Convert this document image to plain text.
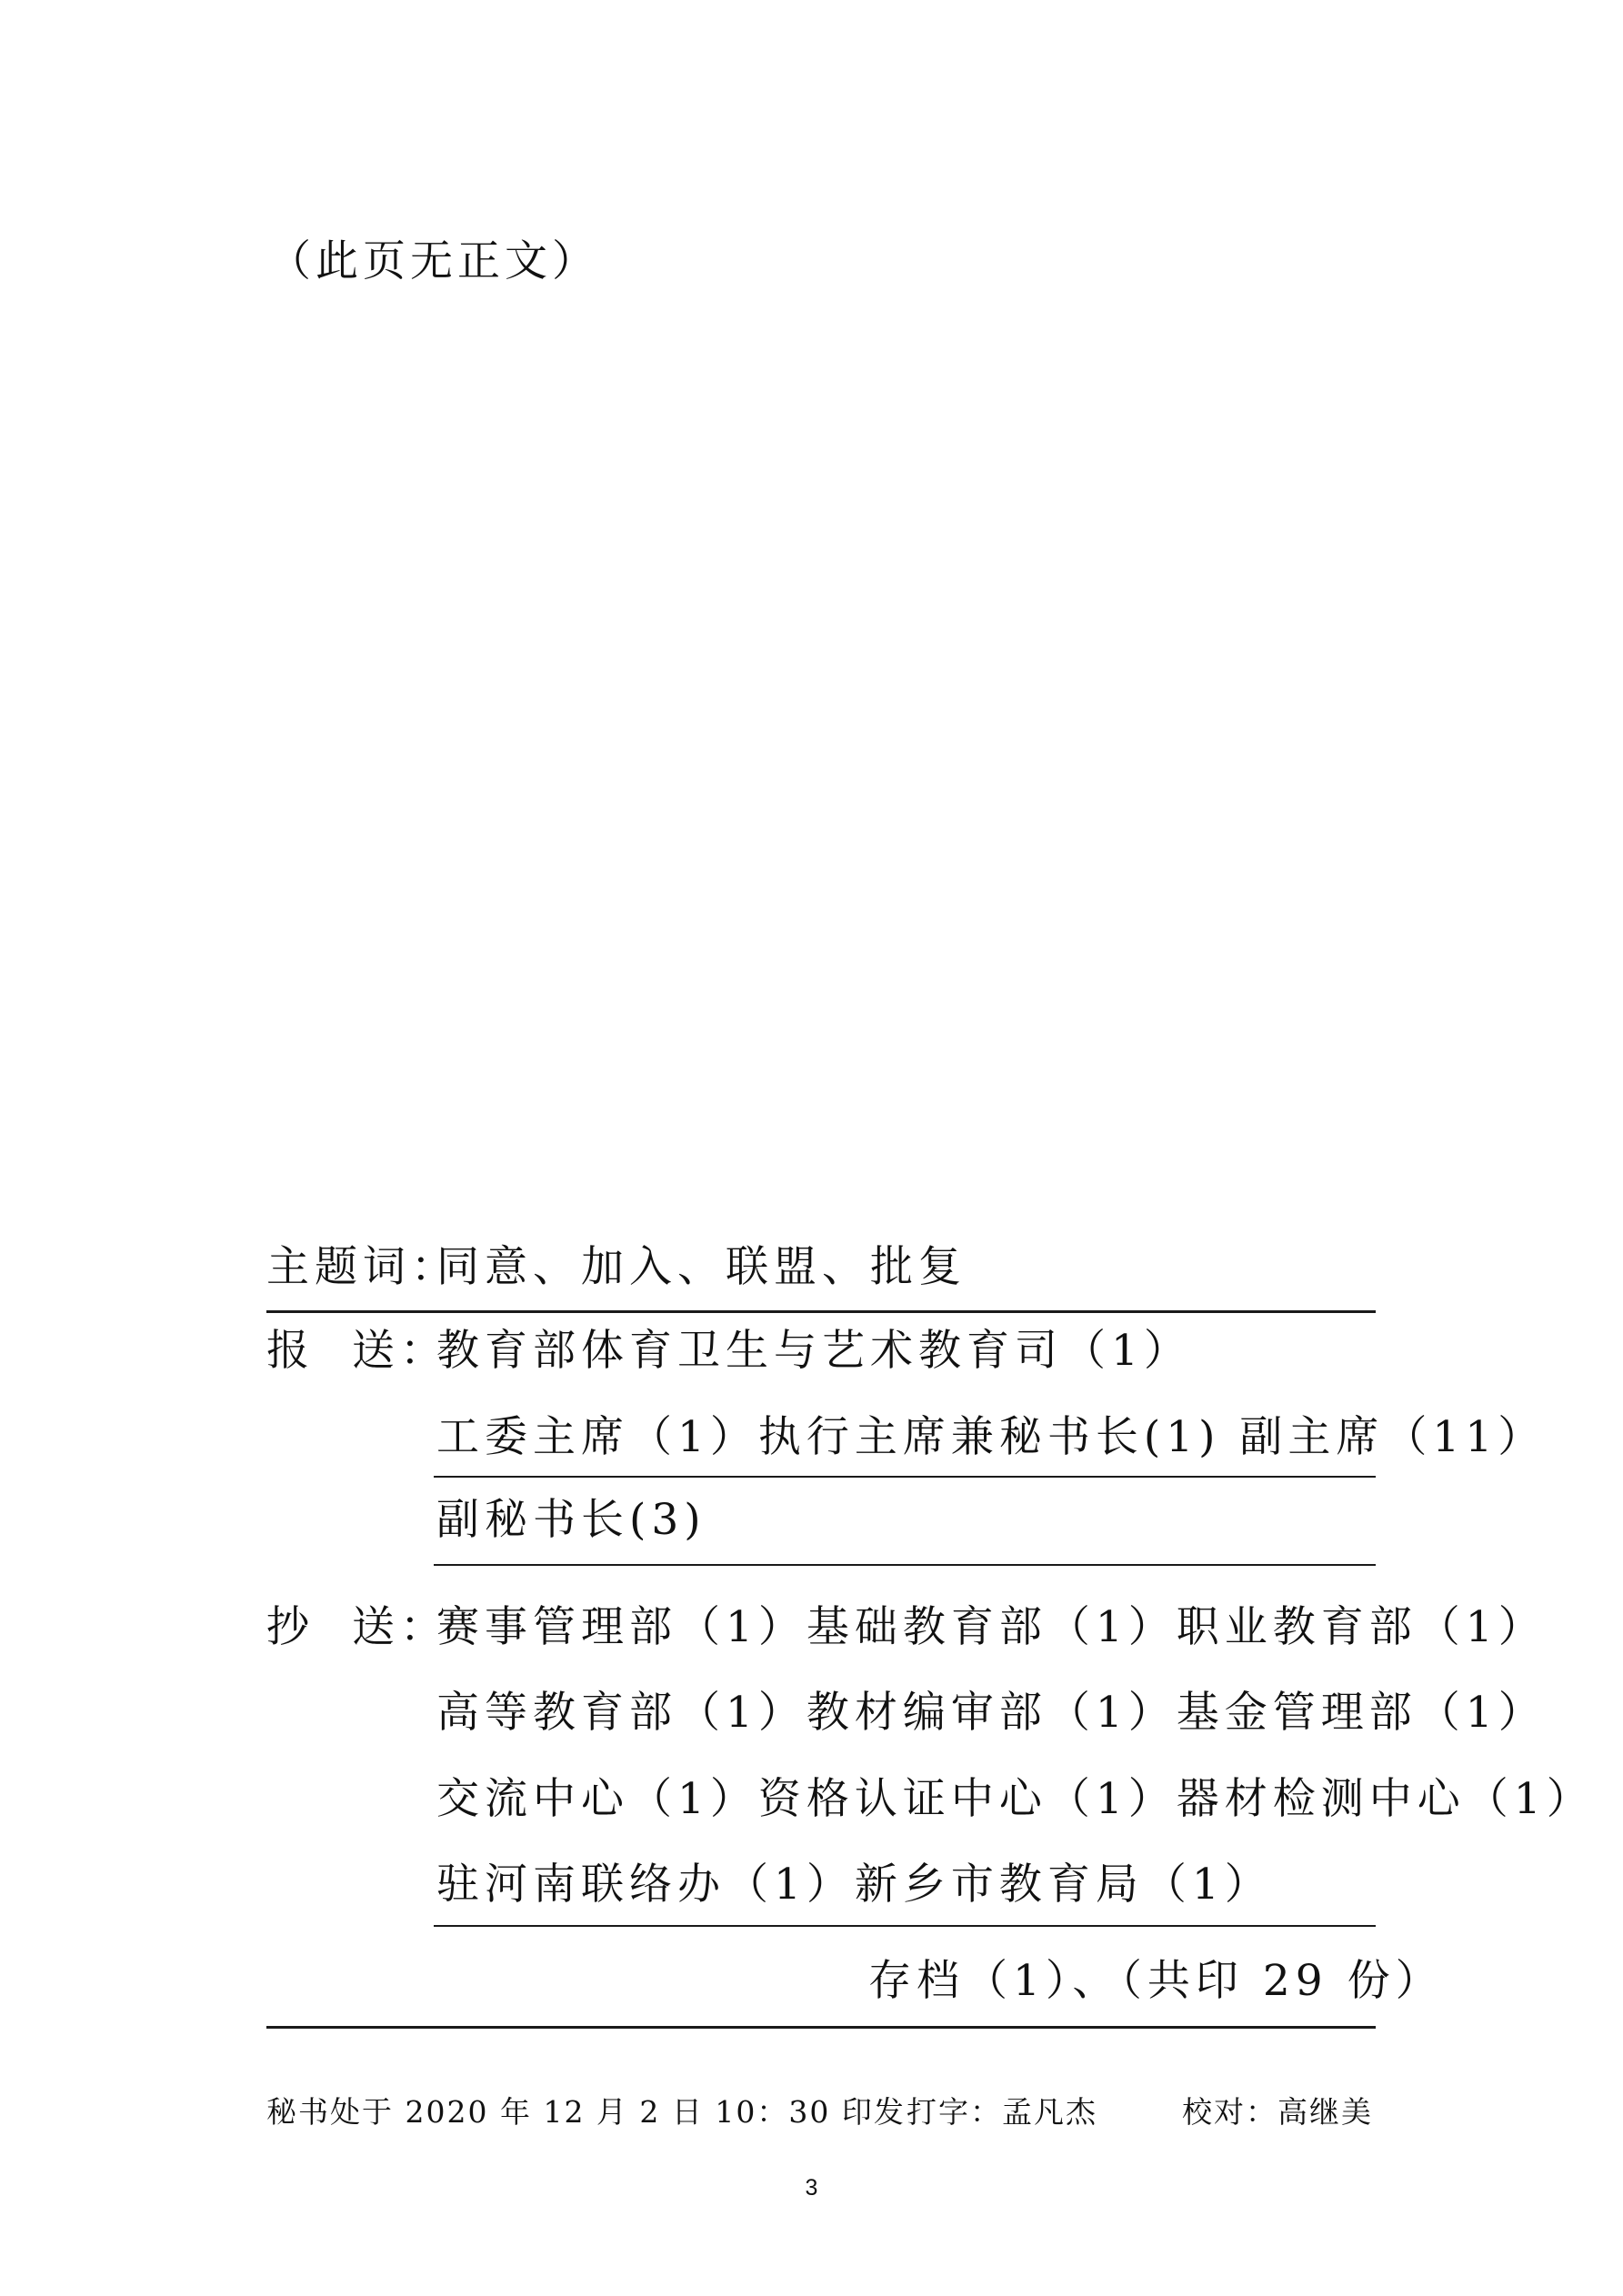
（此页无正文）
主题词：
同意、加入、联盟、批复
报 送：
教育部体育卫生与艺术教育司（1）
工委主席（1）执行主席兼秘书长(1) 副主席（11）
副秘书长(3)
抄 送：
赛事管理部（1）基础教育部（1）职业教育部（1）
高等教育部（1）教材编审部（1）基金管理部（1）
交流中心（1）资格认证中心（1）器材检测中心（1）
驻河南联络办（1）新乡市教育局（1）
存档（1）、（共印 29 份）
秘书处于 2020 年 12 月 2 日 10：30 印发 打字：孟凡杰	校对：高继美
3
